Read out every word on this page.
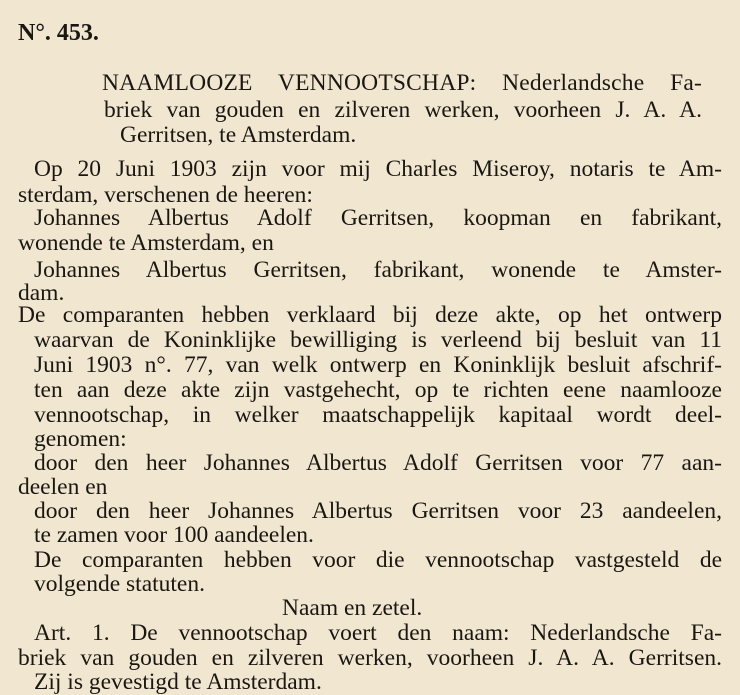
N°. 453.
NAAMLOOZE VENNOOTSCHAP: Nederlandsche Fa-
briek van gouden en zilveren werken, voorheen J. A. A.
Gerritsen, te Amsterdam.
Op 20 Juni 1903 zijn voor mij Charles Miseroy, notaris te Am-
sterdam, verschenen de heeren:
Johannes Albertus Adolf Gerritsen, koopman en fabrikant,
wonende te Amsterdam, en
Johannes Albertus Gerritsen, fabrikant, wonende te Amster-
dam.
De comparanten hebben verklaard bij deze akte, op het ontwerp
waarvan de Koninklijke bewilliging is verleend bij besluit van 11
Juni 1903 n°. 77, van welk ontwerp en Koninklijk besluit afschrif-
ten aan deze akte zijn vastgehecht, op te richten eene naamlooze
vennootschap, in welker maatschappelijk kapitaal wordt deel-
genomen:
door den heer Johannes Albertus Adolf Gerritsen voor 77 aan-
deelen en
door den heer Johannes Albertus Gerritsen voor 23 aandeelen,
te zamen voor 100 aandeelen.
De comparanten hebben voor die vennootschap vastgesteld de
volgende statuten.
Naam en zetel.
Art. 1. De vennootschap voert den naam: Nederlandsche Fa-
briek van gouden en zilveren werken, voorheen J. A. A. Gerritsen.
Zij is gevestigd te Amsterdam.
